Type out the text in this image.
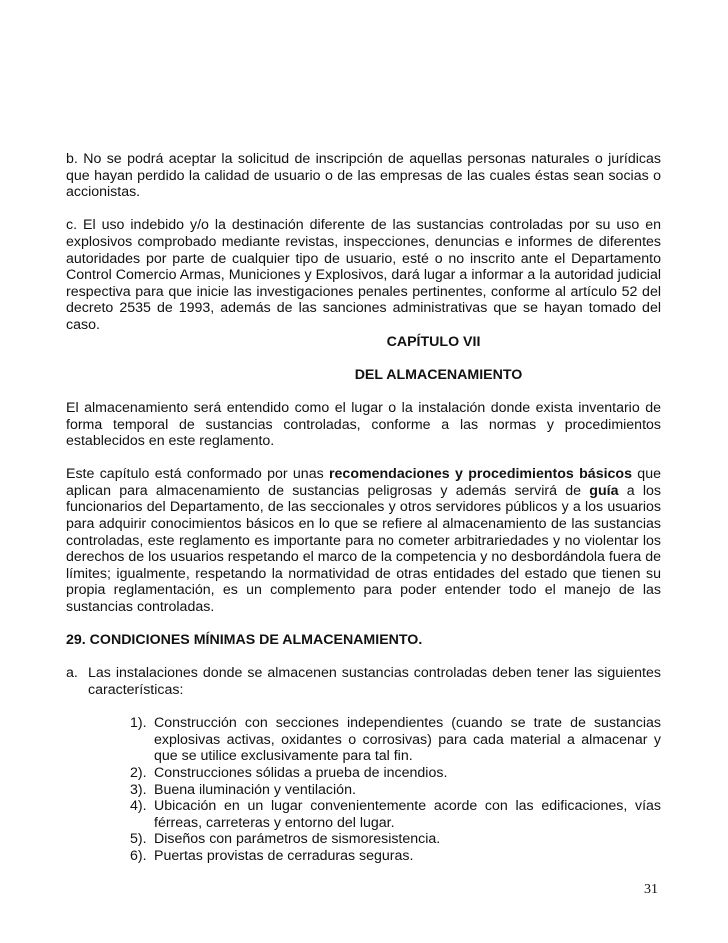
b. No se podrá aceptar la solicitud de inscripción de aquellas personas naturales o jurídicas que hayan perdido la calidad de usuario o de las empresas de las cuales éstas sean socias o accionistas.

c. El uso indebido y/o la destinación diferente de las sustancias controladas por su uso en explosivos comprobado mediante revistas, inspecciones, denuncias e informes de diferentes autoridades por parte de cualquier tipo de usuario, esté o no inscrito ante el Departamento Control Comercio Armas, Municiones y Explosivos, dará lugar a informar a la autoridad judicial respectiva para que inicie las investigaciones penales pertinentes, conforme al artículo 52 del decreto 2535 de 1993, además de las sanciones administrativas que se hayan tomado del caso.

CAPÍTULO VII

DEL ALMACENAMIENTO

El almacenamiento será entendido como el lugar o la instalación donde exista inventario de forma temporal de sustancias controladas, conforme a las normas y procedimientos establecidos en este reglamento.

Este capítulo está conformado por unas recomendaciones y procedimientos básicos que aplican para almacenamiento de sustancias peligrosas y además servirá de guía a los funcionarios del Departamento, de las seccionales y otros servidores públicos y a los usuarios para adquirir conocimientos básicos en lo que se refiere al almacenamiento de las sustancias controladas, este reglamento es importante para no cometer arbitrariedades y no violentar los derechos de los usuarios respetando el marco de la competencia y no desbordándola fuera de límites; igualmente, respetando la normatividad de otras entidades del estado que tienen su propia reglamentación, es un complemento para poder entender todo el manejo de las sustancias controladas.

29. CONDICIONES MÍNIMAS DE ALMACENAMIENTO.

a. Las instalaciones donde se almacenen sustancias controladas deben tener las siguientes características:
1). Construcción con secciones independientes (cuando se trate de sustancias explosivas activas, oxidantes o corrosivas) para cada material a almacenar y que se utilice exclusivamente para tal fin.
2). Construcciones sólidas a prueba de incendios.
3). Buena iluminación y ventilación.
4). Ubicación en un lugar convenientemente acorde con las edificaciones, vías férreas, carreteras y entorno del lugar.
5). Diseños con parámetros de sismoresistencia.
6). Puertas provistas de cerraduras seguras.
31
